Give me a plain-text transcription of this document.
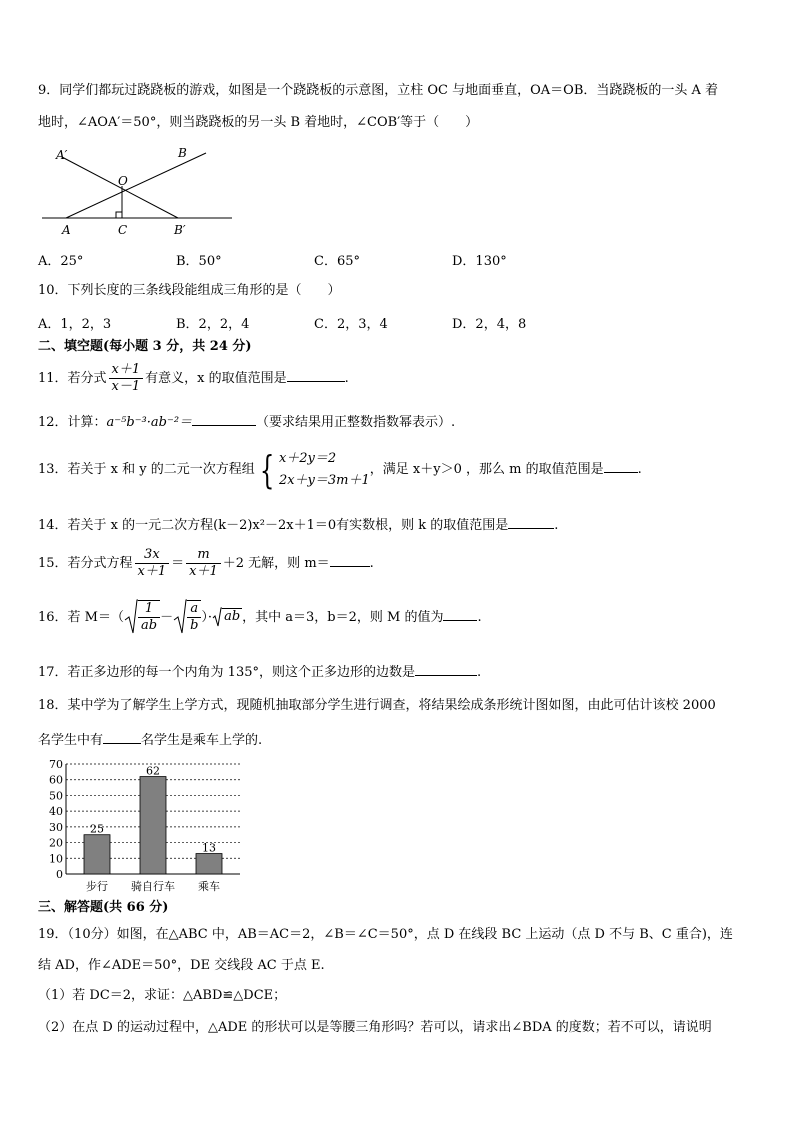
9．同学们都玩过跷跷板的游戏，如图是一个跷跷板的示意图，立柱 OC 与地面垂直，OA＝OB．当跷跷板的一头 A 着
地时，∠AOA′＝50°，则当跷跷板的另一头 B 着地时，∠COB′等于（　　）
A′	B
O
A	C	B′
A．25°	B．50°	C．65°	D．130°
10．下列长度的三条线段能组成三角形的是（　　）
A．1，2，3	B．2，2，4	C．2，3，4	D．2，4，8
二、填空题(每小题 3 分，共 24 分)
11．若分式 $\frac{x+1}{x-1}$ 有意义，x 的取值范围是	.
12．计算：a⁻⁵b⁻³·ab⁻²＝	（要求结果用正整数指数幂表示）.
13．若关于 x 和 y 的二元一次方程组 { x＋2y＝2
2x＋y＝3m＋1
，满足 x＋y＞0 ，那么 m 的取值范围是	.
14．若关于 x 的一元二次方程(k－2)x²－2x＋1＝0有实数根，则 k 的取值范围是	.
15．若分式方程 $\frac{3x}{x+1} = \frac{m}{x+1} +2$ 无解，则 m＝	.
16．若 $M=( \frac{1}{ab} - \frac{a}{b}$ ）· ab ，其中 a＝3，b＝2，则 M 的值为	.
17．若正多边形的每一个内角为 135°，则这个正多边形的边数是	.
18．某中学为了解学生上学方式，现随机抽取部分学生进行调查，将结果绘成条形统计图如图，由此可估计该校 2000
名学生中有	名学生是乘车上学的.
0
10
20
30
40
50
60
70
25
步行
62
骑自行车
13
乘车
三、解答题(共 66 分)
19．（10分）如图，在△ABC 中，AB＝AC＝2，∠B＝∠C＝50°，点 D 在线段 BC 上运动（点 D 不与 B、C 重合)，连
结 AD，作∠ADE＝50°，DE 交线段 AC 于点 E.
（1）若 DC＝2，求证：△ABD≌△DCE；
（2）在点 D 的运动过程中，△ADE 的形状可以是等腰三角形吗？若可以，请求出∠BDA 的度数；若不可以，请说明
